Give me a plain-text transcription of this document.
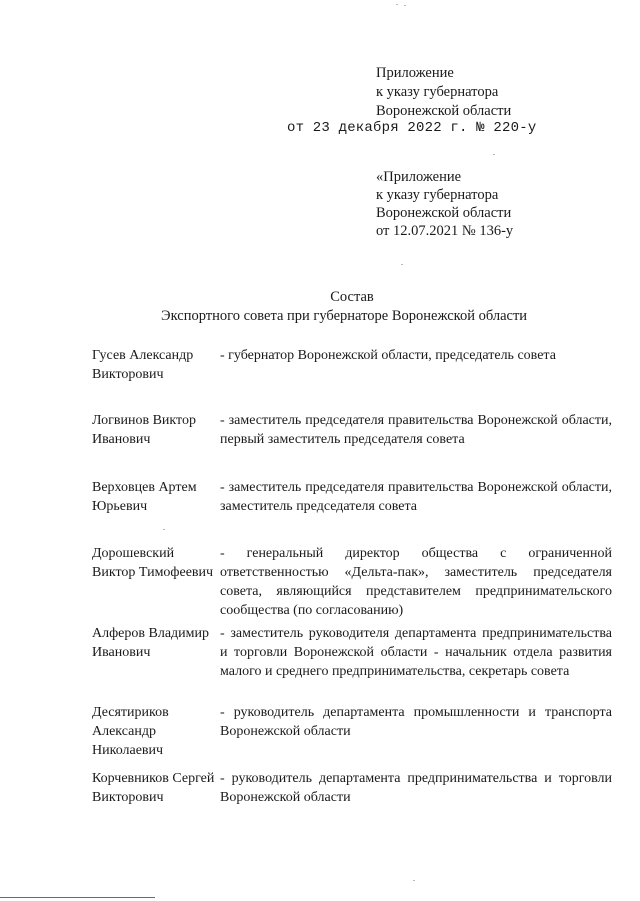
Приложение
к указу губернатора
Воронежской области
от 23 декабря 2022 г. № 220-у
«Приложение
к указу губернатора
Воронежской области
от 12.07.2021 № 136-у
Состав
Экспортного совета при губернаторе Воронежской области
Гусев Александр Викторович
- губернатор Воронежской области, председатель совета
Логвинов Виктор Иванович
- заместитель председателя правительства Воронежской области, первый заместитель председателя совета
Верховцев Артем Юрьевич
- заместитель председателя правительства Воронежской области, заместитель председателя совета
Дорошевский Виктор Тимофеевич
- генеральный директор общества с ограниченной ответственностью «Дельта-пак», заместитель председателя совета, являющийся представителем предпринимательского сообщества (по согласованию)
Алферов Владимир Иванович
- заместитель руководителя департамента предпринимательства и торговли Воронежской области - начальник отдела развития малого и среднего предпринимательства, секретарь совета
Десятириков Александр Николаевич
- руководитель департамента промышленности и транспорта Воронежской области
Корчевников Сергей Викторович
- руководитель департамента предпринимательства и торговли Воронежской области
